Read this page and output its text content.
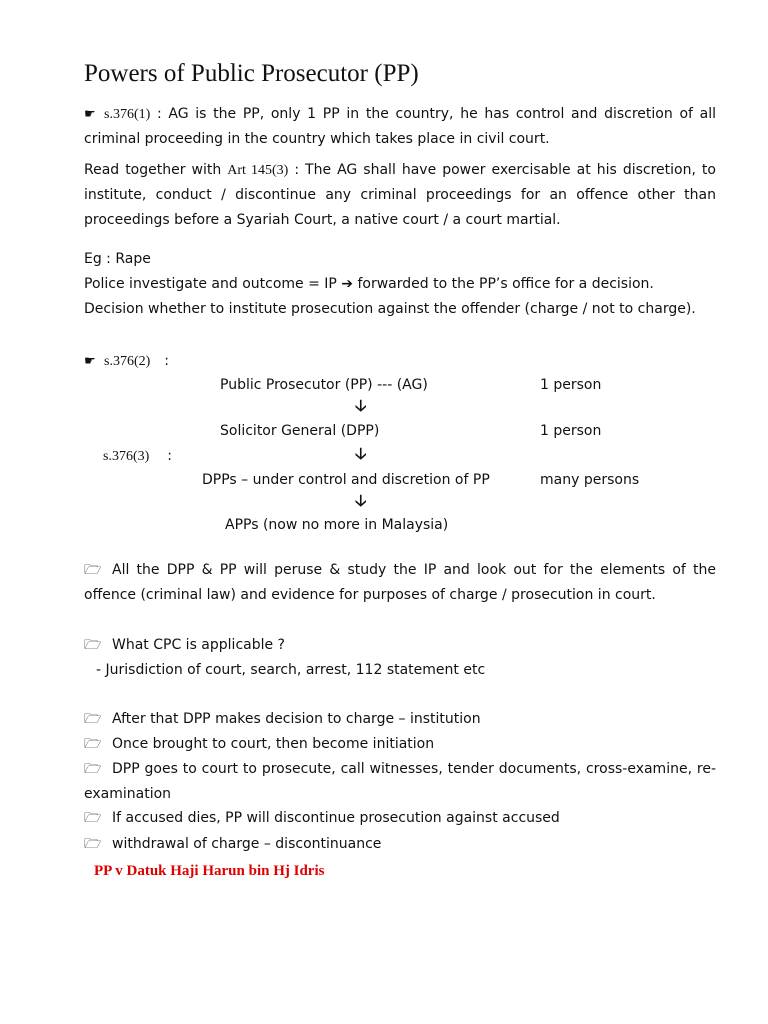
Powers of Public Prosecutor (PP)
☛ s.376(1) : AG is the PP, only 1 PP in the country, he has control and discretion of all
criminal proceeding in the country which takes place in civil court.
Read together with Art 145(3) : The AG shall have power exercisable at his discretion, to
institute, conduct / discontinue any criminal proceedings for an offence other than
proceedings before a Syariah Court, a native court / a court martial.
Eg : Rape
Police investigate and outcome = IP ➔ forwarded to the PP’s office for a decision.
Decision whether to institute prosecution against the offender (charge / not to charge).
☛ s.376(2) :
Public Prosecutor (PP) --- (AG)	1 person
🡣
Solicitor General (DPP)	1 person
s.376(3) :	🡣
DPPs – under control and discretion of PP	many persons
🡣
APPs (now no more in Malaysia)
🗁 All the DPP & PP will peruse & study the IP and look out for the elements of the
offence (criminal law) and evidence for purposes of charge / prosecution in court.
🗁 What CPC is applicable ?
- Jurisdiction of court, search, arrest, 112 statement etc
🗁 After that DPP makes decision to charge – institution
🗁 Once brought to court, then become initiation
🗁 DPP goes to court to prosecute, call witnesses, tender documents, cross-examine, re-
examination
🗁 If accused dies, PP will discontinue prosecution against accused
🗁 withdrawal of charge – discontinuance
PP v Datuk Haji Harun bin Hj Idris
